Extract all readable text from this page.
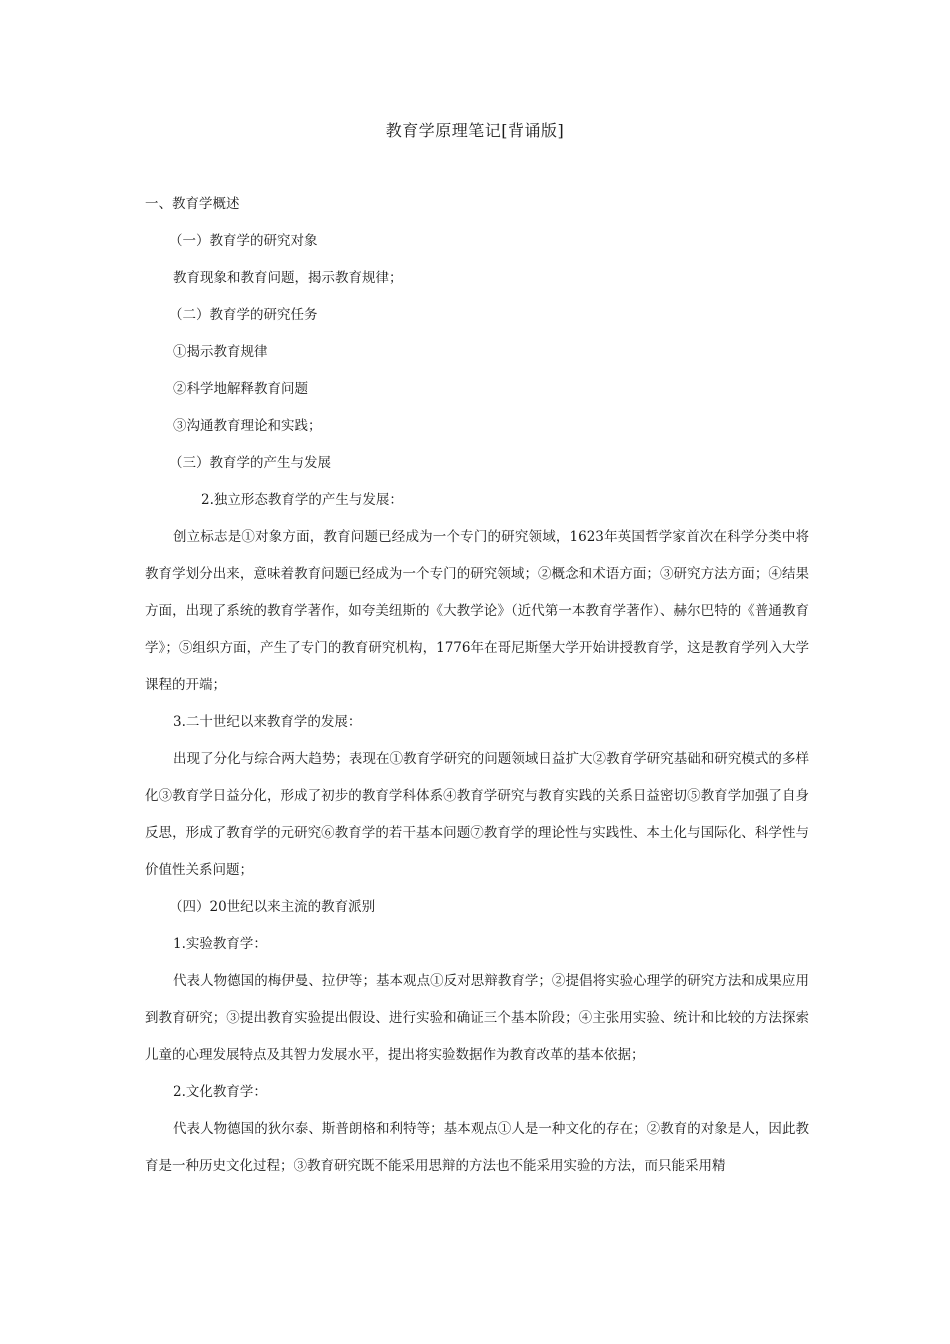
教育学原理笔记[背诵版]

一、教育学概述

（一）教育学的研究对象

教育现象和教育问题，揭示教育规律；

（二）教育学的研究任务

①揭示教育规律

②科学地解释教育问题

③沟通教育理论和实践；

（三）教育学的产生与发展

2.独立形态教育学的产生与发展：

创立标志是①对象方面，教育问题已经成为一个专门的研究领域，1623年英国哲学家首次在科学分类中将教育学划分出来，意味着教育问题已经成为一个专门的研究领域；②概念和术语方面；③研究方法方面；④结果方面，出现了系统的教育学著作，如夸美纽斯的《大教学论》（近代第一本教育学著作）、赫尔巴特的《普通教育学》；⑤组织方面，产生了专门的教育研究机构，1776年在哥尼斯堡大学开始讲授教育学，这是教育学列入大学课程的开端；

3.二十世纪以来教育学的发展：

出现了分化与综合两大趋势；表现在①教育学研究的问题领域日益扩大②教育学研究基础和研究模式的多样化③教育学日益分化，形成了初步的教育学科体系④教育学研究与教育实践的关系日益密切⑤教育学加强了自身反思，形成了教育学的元研究⑥教育学的若干基本问题⑦教育学的理论性与实践性、本土化与国际化、科学性与价值性关系问题；

（四）20世纪以来主流的教育派别

1.实验教育学：

代表人物德国的梅伊曼、拉伊等；基本观点①反对思辩教育学；②提倡将实验心理学的研究方法和成果应用到教育研究；③提出教育实验提出假设、进行实验和确证三个基本阶段；④主张用实验、统计和比较的方法探索儿童的心理发展特点及其智力发展水平，提出将实验数据作为教育改革的基本依据；

2.文化教育学：

代表人物德国的狄尔泰、斯普朗格和利特等；基本观点①人是一种文化的存在；②教育的对象是人，因此教育是一种历史文化过程；③教育研究既不能采用思辩的方法也不能采用实验的方法，而只能采用精
